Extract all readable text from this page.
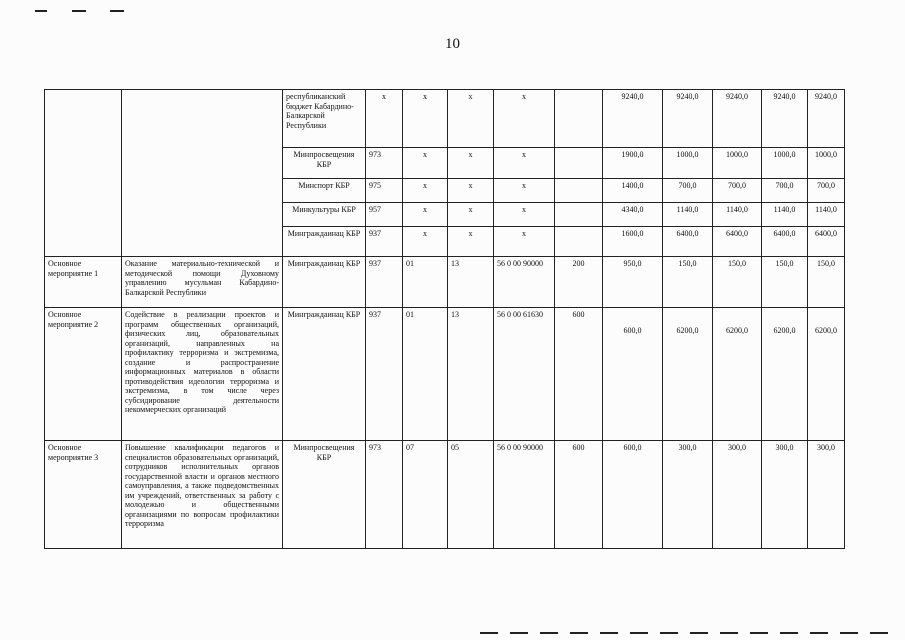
10
		республиканский бюджет Кабардино-Балкарской Республики	x	x	x	x		9240,0	9240,0	9240,0	9240,0	9240,0
		Минпросвещения КБР	973	x	x	x		1900,0	1000,0	1000,0	1000,0	1000,0
		Минспорт КБР	975	x	x	x		1400,0	700,0	700,0	700,0	700,0
		Минкультуры КБР	957	x	x	x		4340,0	1140,0	1140,0	1140,0	1140,0
		Минграждаинац КБР	937	x	x	x		1600,0	6400,0	6400,0	6400,0	6400,0
Основное мероприятие 1	Оказание материально-технической и методической помощи Духовному управлению мусульман Кабардино-Балкарской Республики	Минграждаинац КБР	937	01	13	56 0 00 90000	200	950,0	150,0	150,0	150,0	150,0
Основное мероприятие 2	Содействие в реализации проектов и программ общественных организаций, физических лиц, образовательных организаций, направленных на профилактику терроризма и экстремизма, создание и распространение информационных материалов в области противодействия идеологии терроризма и экстремизма, в том числе через субсидирование деятельности некоммерческих организаций	Минграждаинац КБР	937	01	13	56 0 00 61630	600	600,0	6200,0	6200,0	6200,0	6200,0
Основное мероприятие 3	Повышение квалификации педагогов и специалистов образовательных организаций, сотрудников исполнительных органов государственной власти и органов местного самоуправления, а также подведомственных им учреждений, ответственных за работу с молодежью и общественными организациями по вопросам профилактики терроризма	Минпросвещения КБР	973	07	05	56 0 00 90000	600	600,0	300,0	300,0	300,0	300,0
